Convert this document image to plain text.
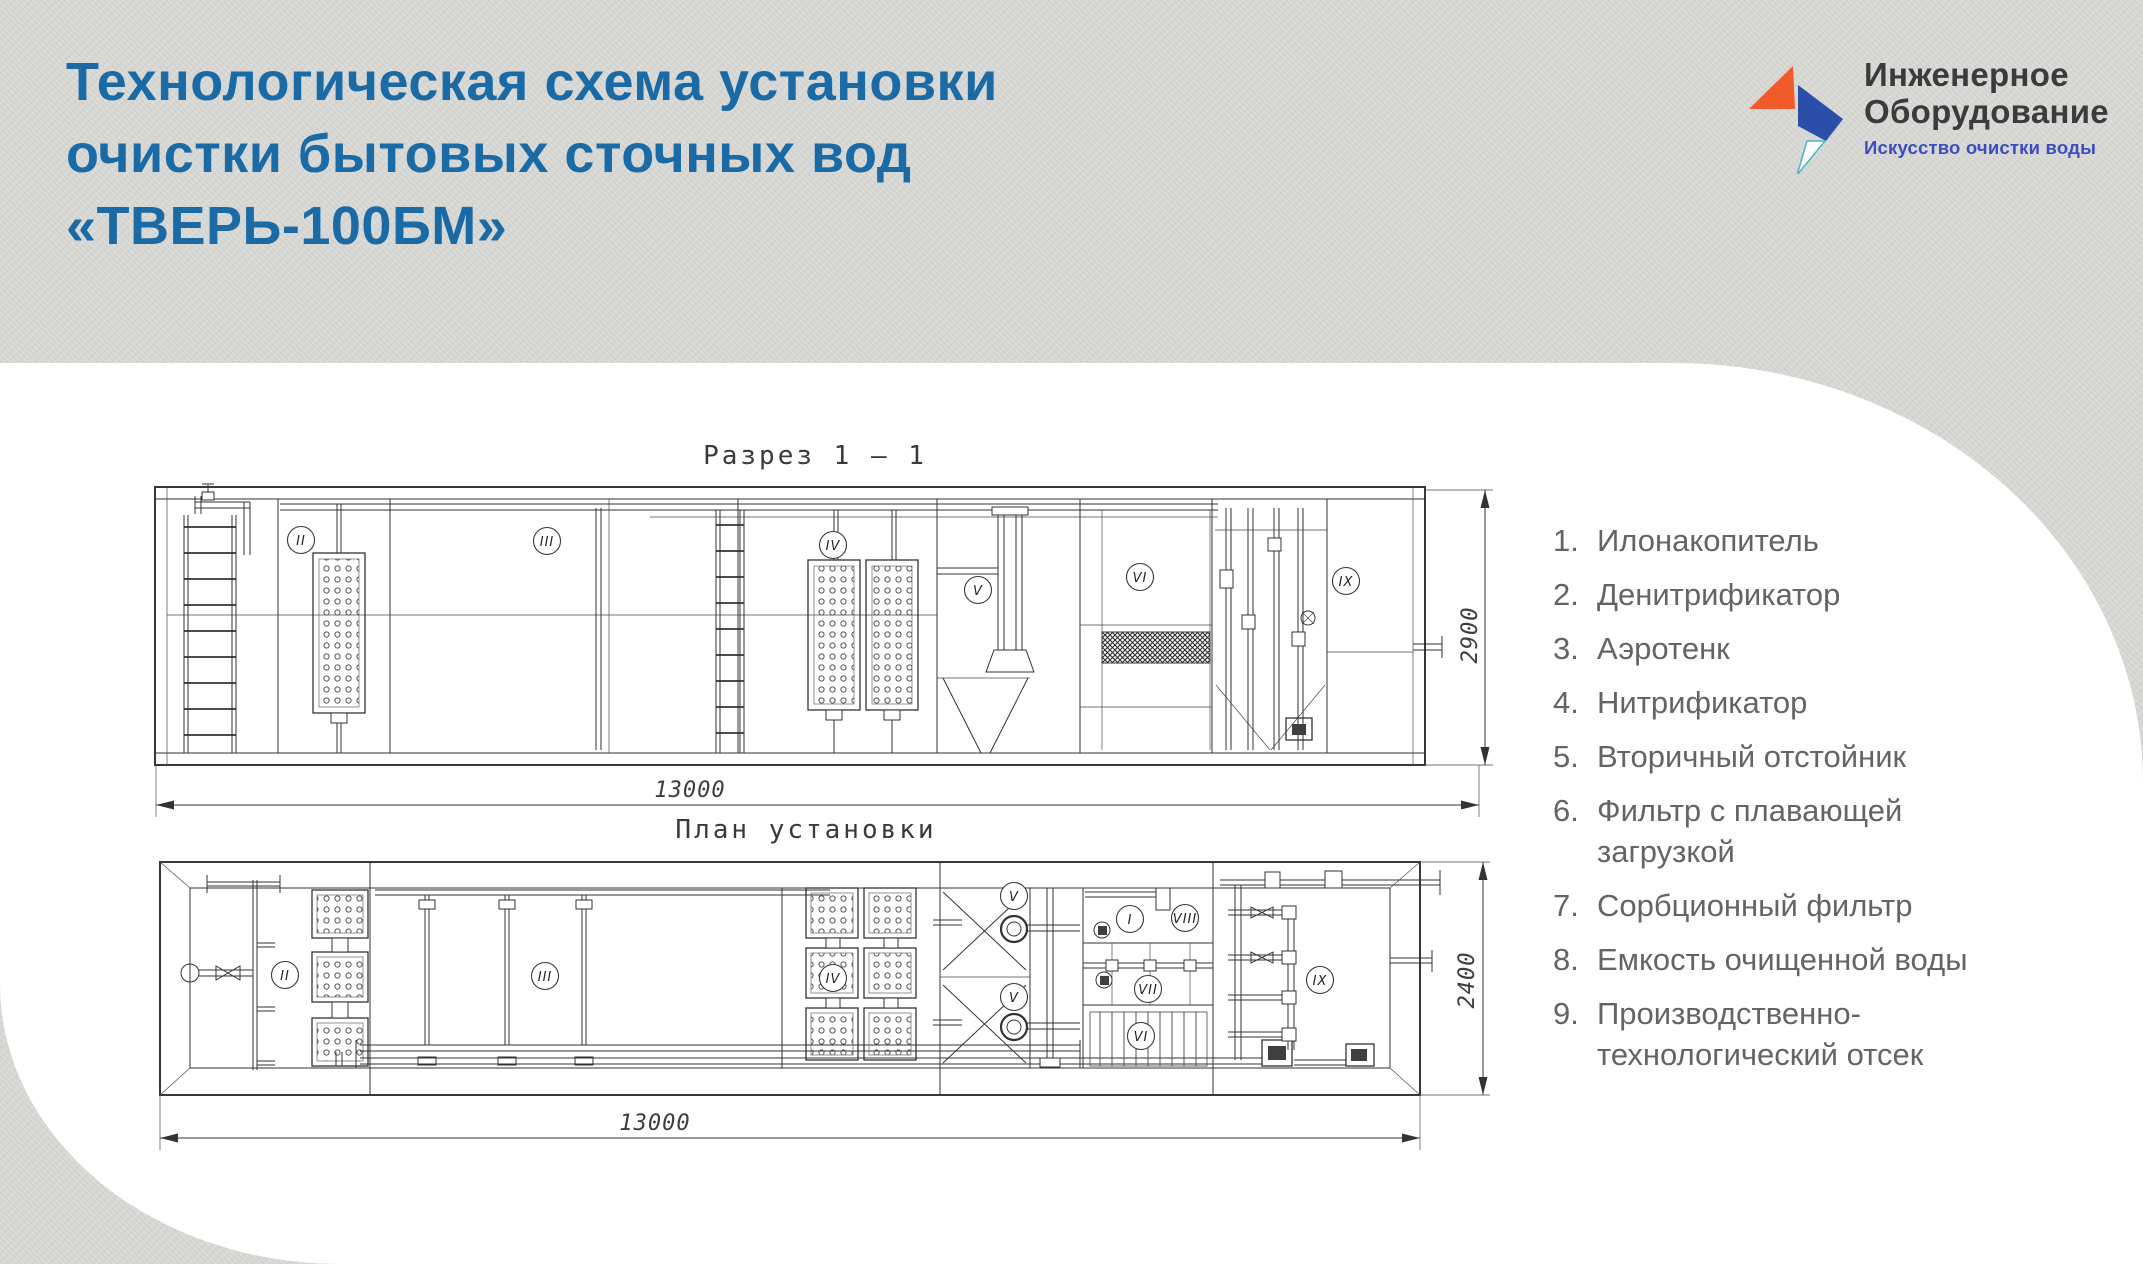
Технологическая схема установки
очистки бытовых сточных вод
«ТВЕРЬ-100БМ»
Инженерное
Оборудование
Искусство очистки воды
Разрез 1 – 1
II	III	IV
V
VI	IX
13000
2900
План установки
II	III	IV
V
V
I	VIII
VII
VI
IX
13000
2400
1. Илонакопитель
2. Денитрификатор
3. Аэротенк
4. Нитрификатор
5. Вторичный отстойник
6. Фильтр с плавающей загрузкой
7. Сорбционный фильтр
8. Емкость очищенной воды
9. Производственно-технологический отсек
